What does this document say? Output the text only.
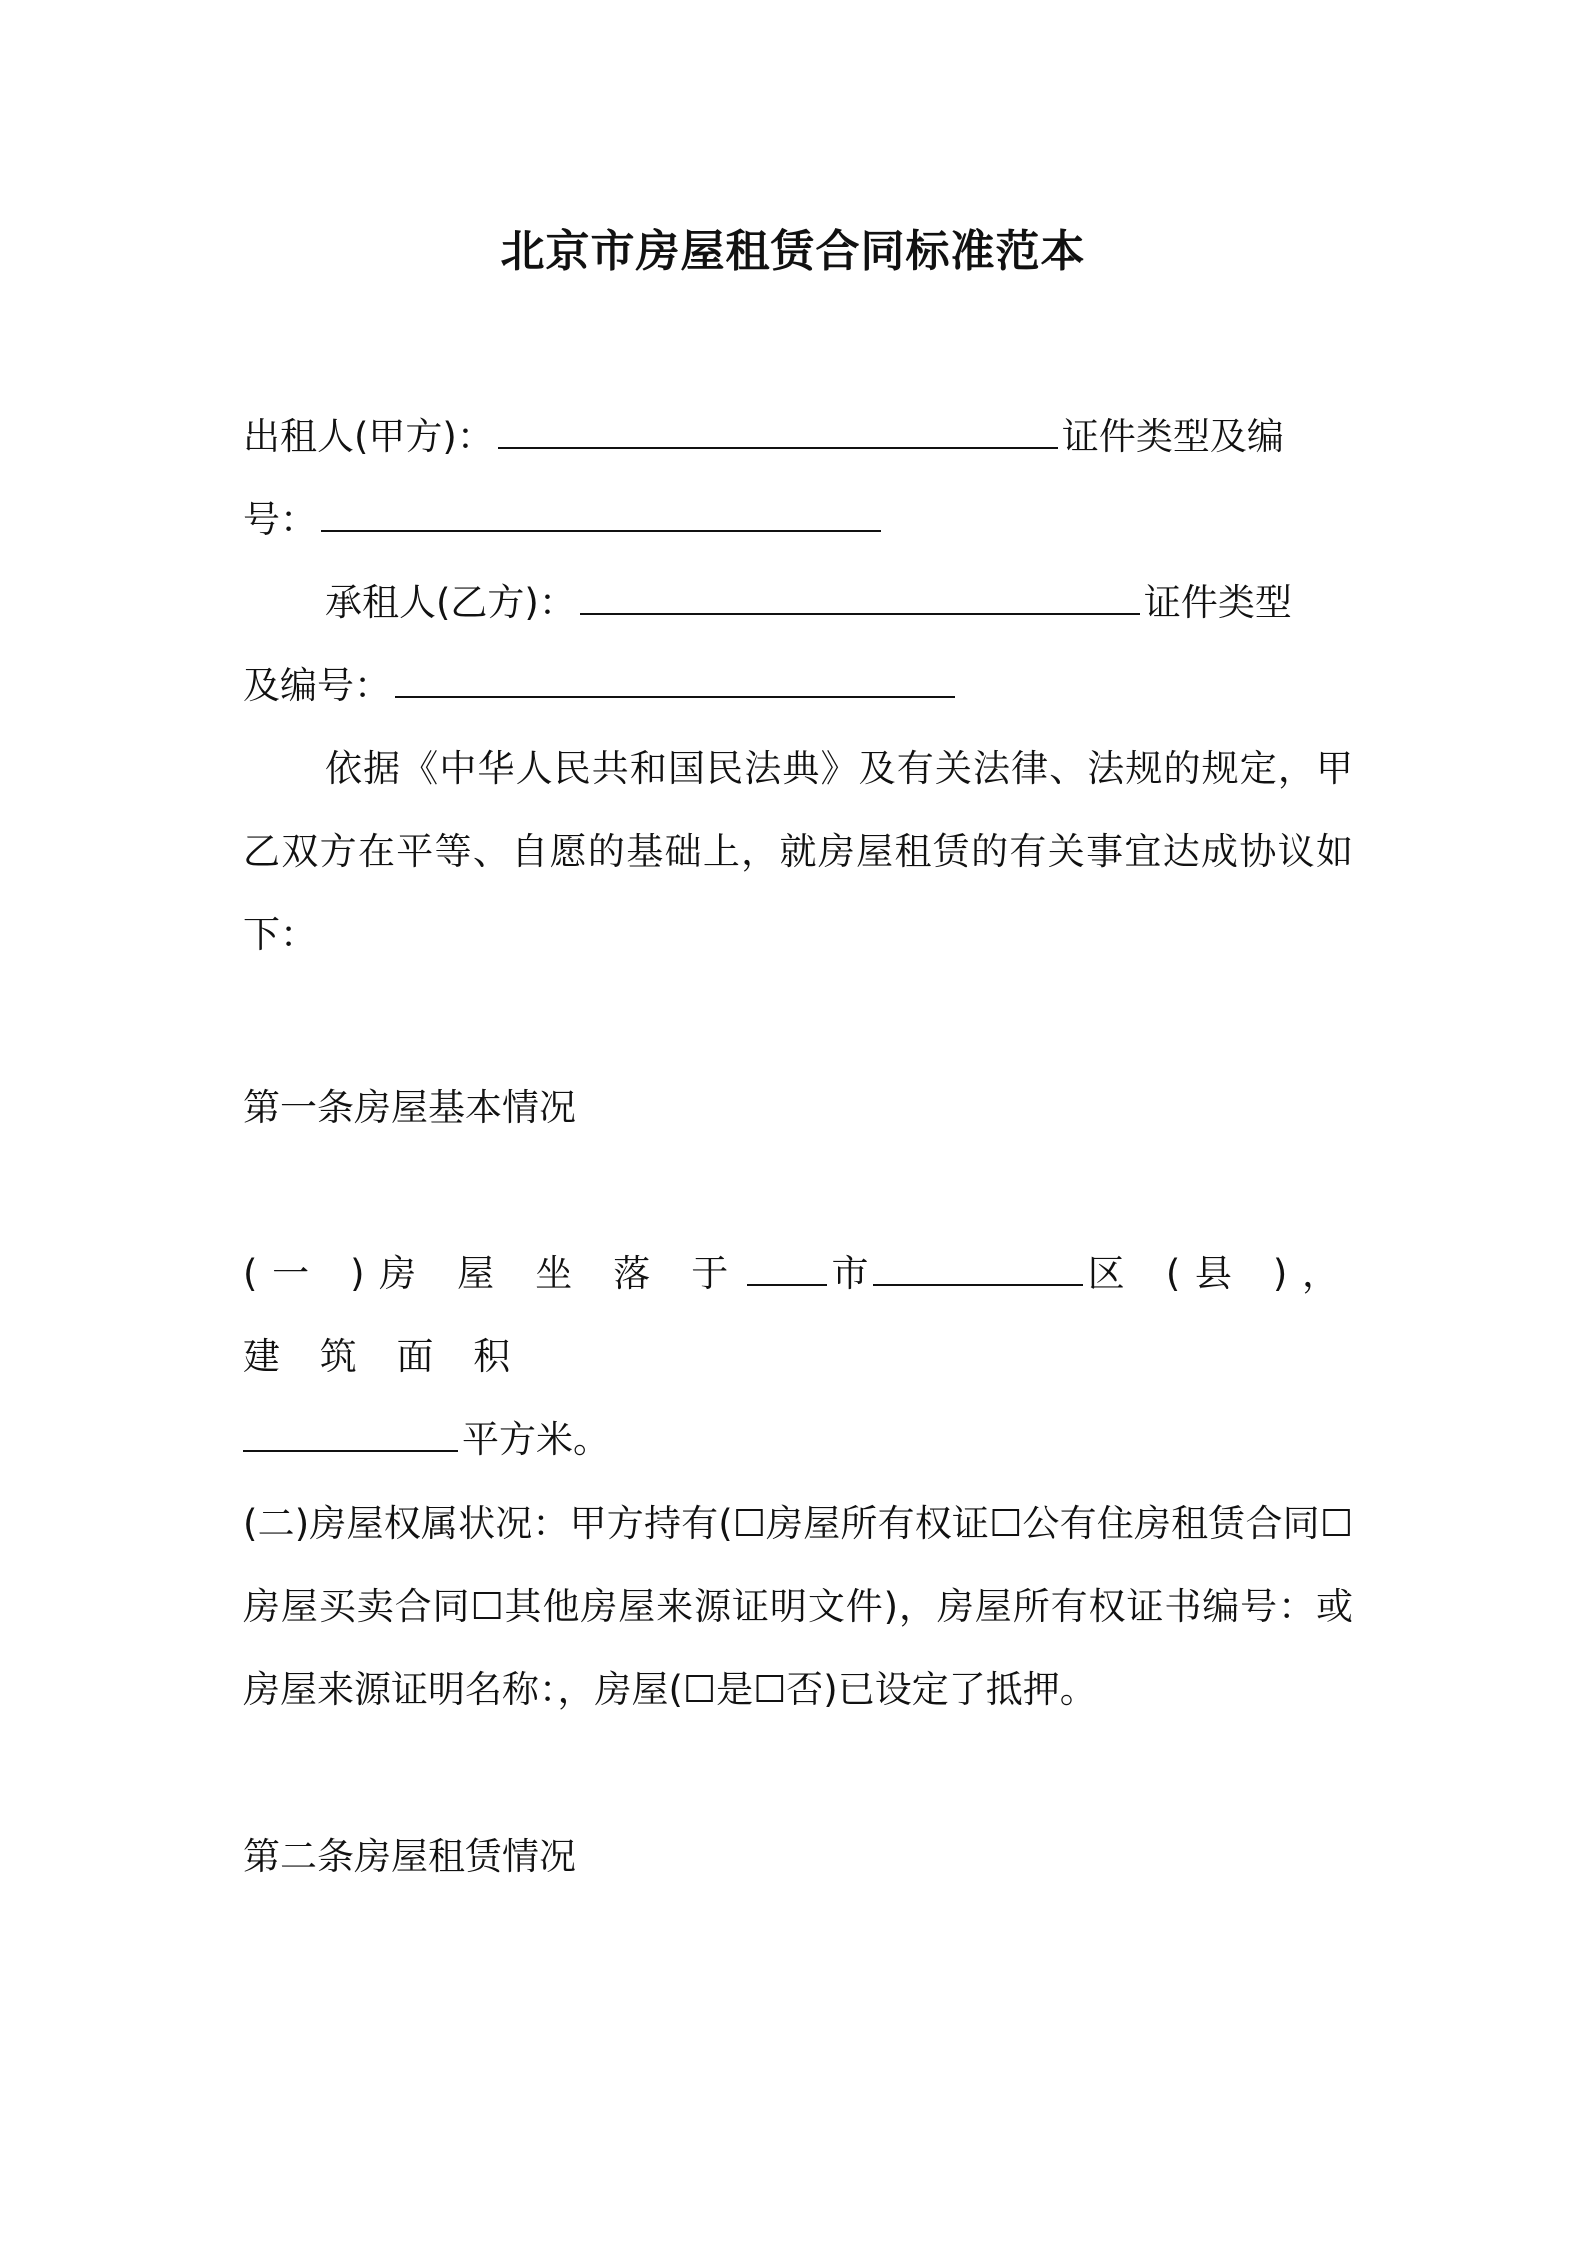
北京市房屋租赁合同标准范本

出租人(甲方)：	证件类型及编

号：

承租人(乙方)：	证件类型

及编号：

依据《中华人民共和国民法典》及有关法律、法规的规定，甲乙双方在平等、自愿的基础上，就房屋租赁的有关事宜达成协议如下：

第一条房屋基本情况

(一 )房 屋 坐 落 于 市	区 (县 )， 建 筑 面 积

平方米。

(二)房屋权属状况：甲方持有(☐房屋所有权证☐公有住房租赁合同☐房屋买卖合同☐其他房屋来源证明文件)，房屋所有权证书编号：或房屋来源证明名称：，房屋(☐是☐否)已设定了抵押。

第二条房屋租赁情况
